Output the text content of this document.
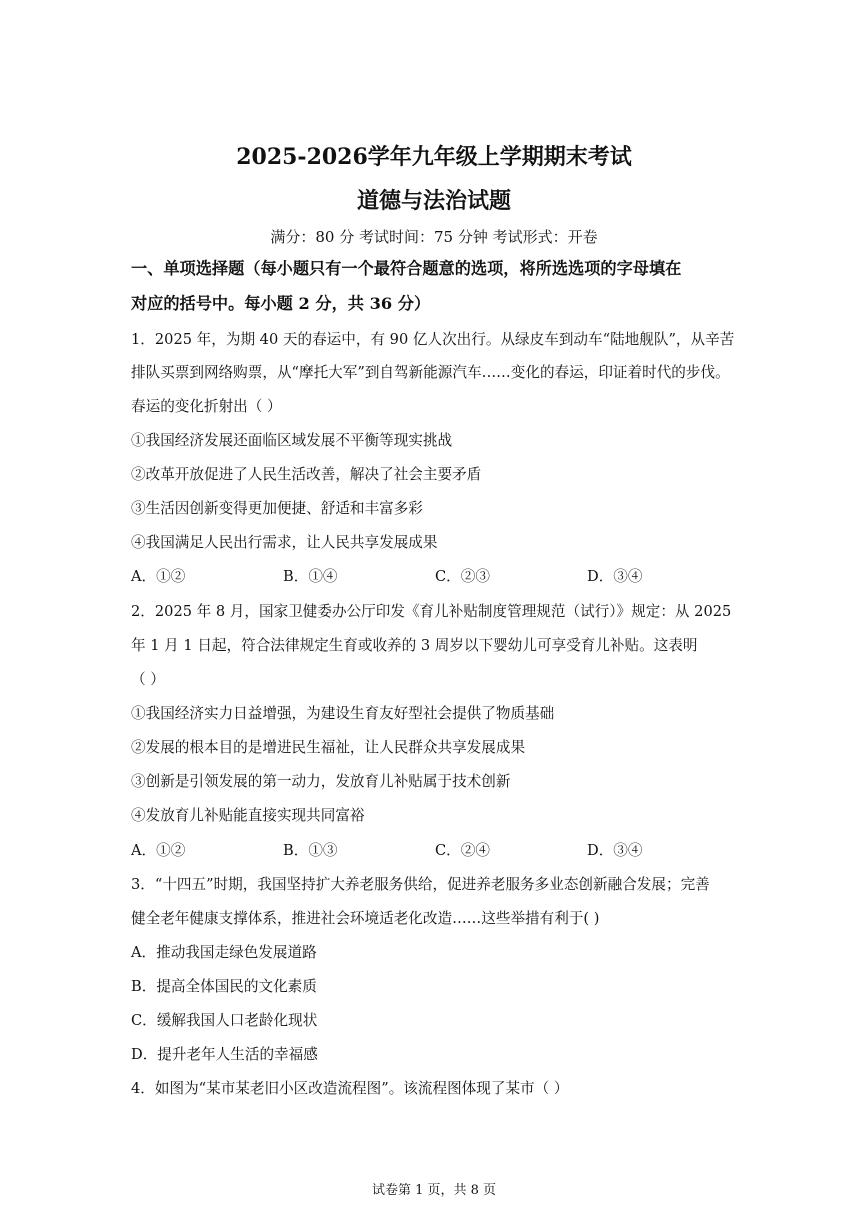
2025-2026学年九年级上学期期末考试
道德与法治试题
满分：80 分 考试时间：75 分钟 考试形式：开卷
一、单项选择题（每小题只有一个最符合题意的选项，将所选选项的字母填在
对应的括号中。每小题 2 分，共 36 分）
1．2025 年，为期 40 天的春运中，有 90 亿人次出行。从绿皮车到动车“陆地舰队”，从辛苦
排队买票到网络购票，从“摩托大军”到自驾新能源汽车……变化的春运，印证着时代的步伐。
春运的变化折射出（ ）
①我国经济发展还面临区域发展不平衡等现实挑战
②改革开放促进了人民生活改善，解决了社会主要矛盾
③生活因创新变得更加便捷、舒适和丰富多彩
④我国满足人民出行需求，让人民共享发展成果
A．①②	B．①④	C．②③	D．③④
2．2025 年 8 月，国家卫健委办公厅印发《育儿补贴制度管理规范（试行）》规定：从 2025
年 1 月 1 日起，符合法律规定生育或收养的 3 周岁以下婴幼儿可享受育儿补贴。这表明
（ ）
①我国经济实力日益增强，为建设生育友好型社会提供了物质基础
②发展的根本目的是增进民生福祉，让人民群众共享发展成果
③创新是引领发展的第一动力，发放育儿补贴属于技术创新
④发放育儿补贴能直接实现共同富裕
A．①②	B．①③	C．②④	D．③④
3．“十四五”时期，我国坚持扩大养老服务供给，促进养老服务多业态创新融合发展；完善
健全老年健康支撑体系，推进社会环境适老化改造……这些举措有利于( )
A．推动我国走绿色发展道路
B．提高全体国民的文化素质
C．缓解我国人口老龄化现状
D．提升老年人生活的幸福感
4．如图为“某市某老旧小区改造流程图”。该流程图体现了某市（ ）
试卷第 1 页，共 8 页
